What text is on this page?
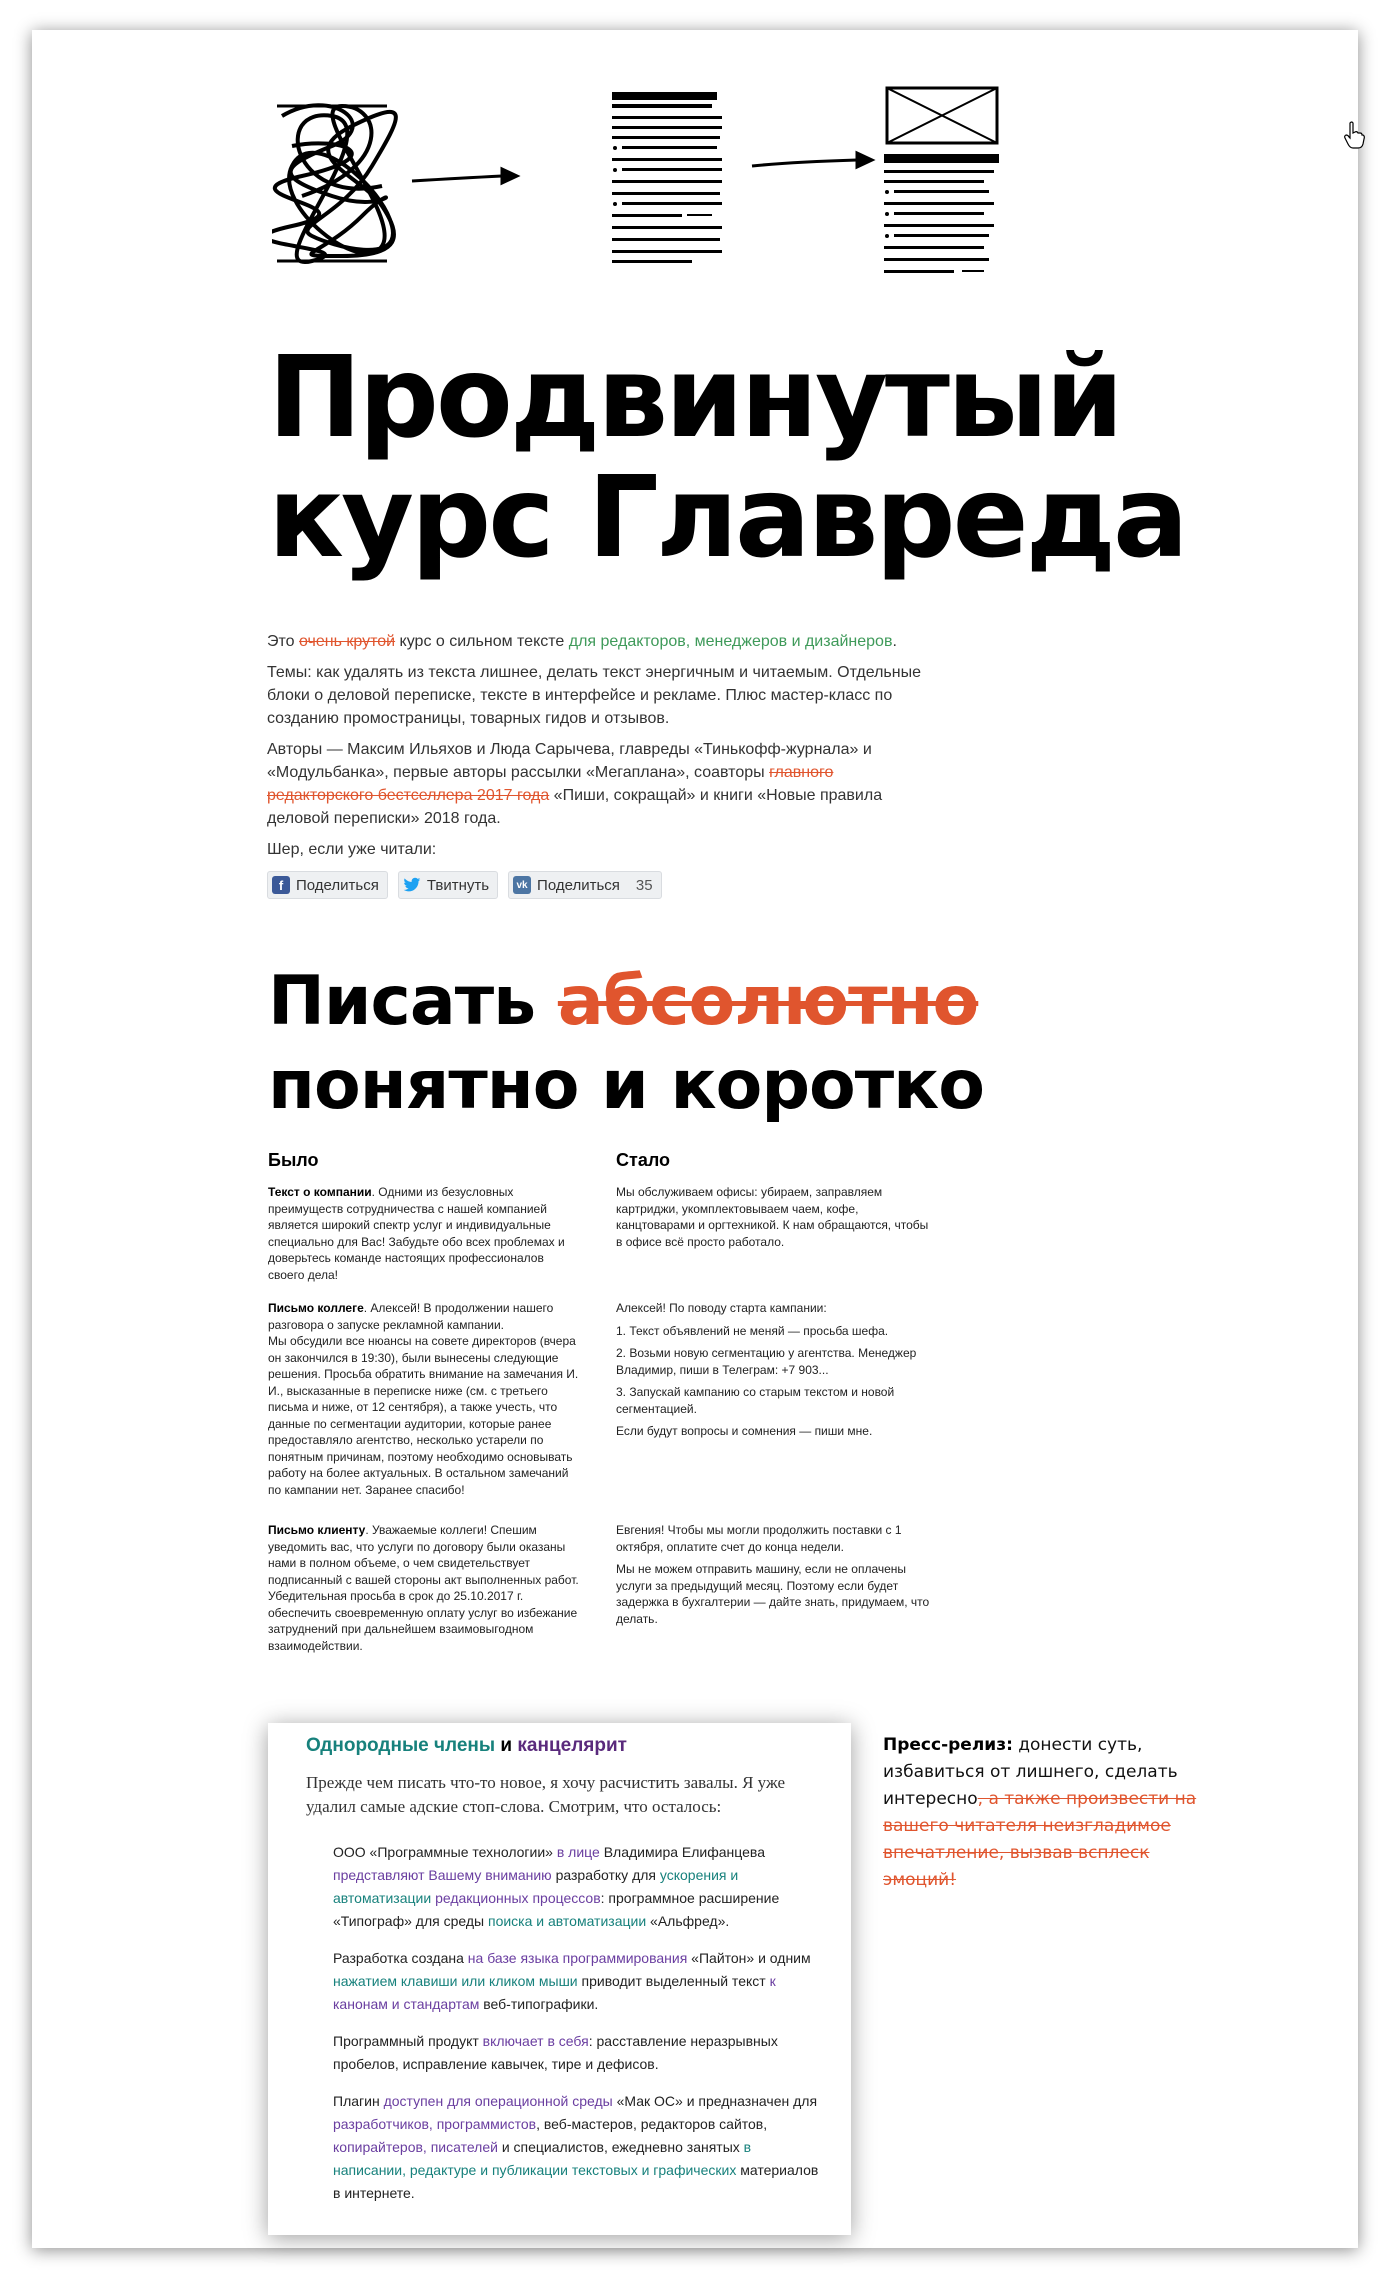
Продвинутый
курс Главреда

Это очень крутой курс о сильном тексте для редакторов, менеджеров и дизайнеров.

Темы: как удалять из текста лишнее, делать текст энергичным и читаемым. Отдельные блоки о деловой переписке, тексте в интерфейсе и рекламе. Плюс мастер-класс по созданию промостраницы, товарных гидов и отзывов.

Авторы — Максим Ильяхов и Люда Сарычева, главреды «Тинькофф-журнала» и «Модульбанка», первые авторы рассылки «Мегаплана», соавторы главного редакторского бестселлера 2017 года «Пиши, сокращай» и книги «Новые правила деловой переписки» 2018 года.

Шер, если уже читали:
f Поделиться	Твитнуть	vk Поделиться 35
Писать абсолютно
понятно и коротко
Было

Текст о компании. Одними из безусловных преимуществ сотрудничества с нашей компанией является широкий спектр услуг и индивидуальные специально для Вас! Забудьте обо всех проблемах и доверьтесь команде настоящих профессионалов своего дела!

Письмо коллеге. Алексей! В продолжении нашего разговора о запуске рекламной кампании.

Мы обсудили все нюансы на совете директоров (вчера он закончился в 19:30), были вынесены следующие решения. Просьба обратить внимание на замечания И. И., высказанные в переписке ниже (см. с третьего письма и ниже, от 12 сентября), а также учесть, что данные по сегментации аудитории, которые ранее предоставляло агентство, несколько устарели по понятным причинам, поэтому необходимо основывать работу на более актуальных. В остальном замечаний по кампании нет. Заранее спасибо!

Письмо клиенту. Уважаемые коллеги! Спешим уведомить вас, что услуги по договору были оказаны нами в полном объеме, о чем свидетельствует подписанный с вашей стороны акт выполненных работ. Убедительная просьба в срок до 25.10.2017 г. обеспечить своевременную оплату услуг во избежание затруднений при дальнейшем взаимовыгодном взаимодействии.

Стало

Мы обслуживаем офисы: убираем, заправляем картриджи, укомплектовываем чаем, кофе, канцтоварами и оргтехникой. К нам обращаются, чтобы в офисе всё просто работало.

Алексей! По поводу старта кампании:

1. Текст объявлений не меняй — просьба шефа.

2. Возьми новую сегментацию у агентства. Менеджер Владимир, пиши в Телеграм: +7 903...

3. Запускай кампанию со старым текстом и новой сегментацией.

Если будут вопросы и сомнения — пиши мне.

Евгения! Чтобы мы могли продолжить поставки с 1 октября, оплатите счет до конца недели.

Мы не можем отправить машину, если не оплачены услуги за предыдущий месяц. Поэтому если будет задержка в бухгалтерии — дайте знать, придумаем, что делать.

Однородные члены и канцелярит
Прежде чем писать что-то новое, я хочу расчистить завалы. Я уже удалил самые адские стоп-слова. Смотрим, что осталось:

ООО «Программные технологии» в лице Владимира Елифанцева представляют Вашему вниманию разработку для ускорения и автоматизации редакционных процессов: программное расширение «Типограф» для среды поиска и автоматизации «Альфред».

Разработка создана на базе языка программирования «Пайтон» и одним нажатием клавиши или кликом мыши приводит выделенный текст к канонам и стандартам веб-типографики.

Программный продукт включает в себя: расставление неразрывных пробелов, исправление кавычек, тире и дефисов.

Плагин доступен для операционной среды «Мак ОС» и предназначен для разработчиков, программистов, веб-мастеров, редакторов сайтов, копирайтеров, писателей и специалистов, ежедневно занятых в написании, редактуре и публикации текстовых и графических материалов в интернете.

Пресс-релиз: донести суть, избавиться от лишнего, сделать интересно, а также произвести на вашего читателя неизгладимое впечатление, вызвав всплеск эмоций!
